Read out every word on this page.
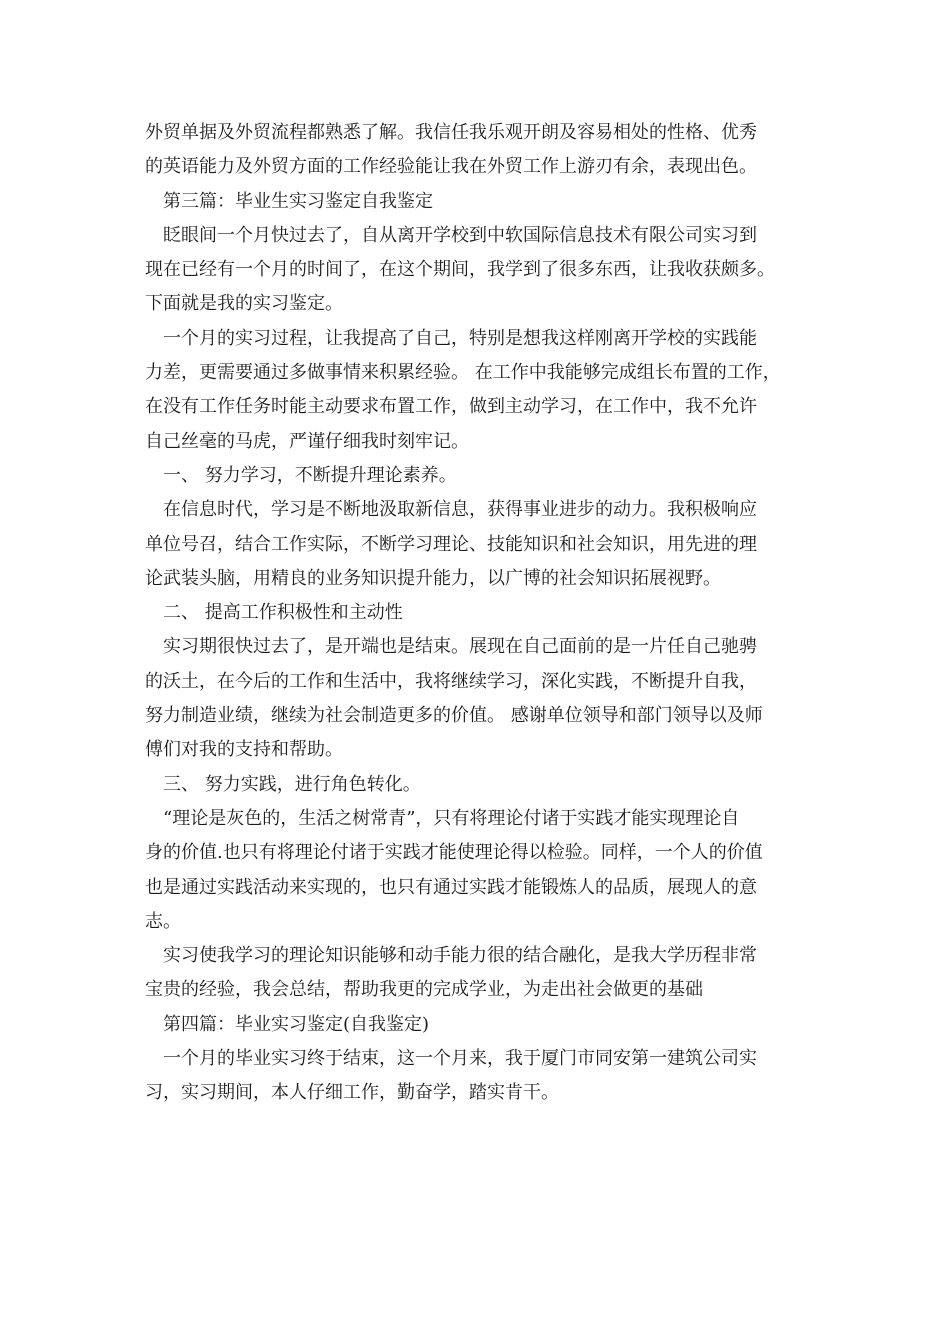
外贸单据及外贸流程都熟悉了解。我信任我乐观开朗及容易相处的性格、优秀
的英语能力及外贸方面的工作经验能让我在外贸工作上游刃有余，表现出色。
第三篇：毕业生实习鉴定自我鉴定
眨眼间一个月快过去了，自从离开学校到中软国际信息技术有限公司实习到
现在已经有一个月的时间了，在这个期间，我学到了很多东西，让我收获颇多。
下面就是我的实习鉴定。
一个月的实习过程，让我提高了自己，特别是想我这样刚离开学校的实践能
力差，更需要通过多做事情来积累经验。 在工作中我能够完成组长布置的工作，
在没有工作任务时能主动要求布置工作，做到主动学习，在工作中，我不允许
自己丝毫的马虎，严谨仔细我时刻牢记。
一、 努力学习，不断提升理论素养。
在信息时代，学习是不断地汲取新信息，获得事业进步的动力。我积极响应
单位号召，结合工作实际，不断学习理论、技能知识和社会知识，用先进的理
论武装头脑，用精良的业务知识提升能力，以广博的社会知识拓展视野。
二、 提高工作积极性和主动性
实习期很快过去了，是开端也是结束。展现在自己面前的是一片任自己驰骋
的沃土，在今后的工作和生活中，我将继续学习，深化实践，不断提升自我，
努力制造业绩，继续为社会制造更多的价值。 感谢单位领导和部门领导以及师
傅们对我的支持和帮助。
三、 努力实践，进行角色转化。
“理论是灰色的，生活之树常青”，只有将理论付诸于实践才能实现理论自
身的价值.也只有将理论付诸于实践才能使理论得以检验。同样，一个人的价值
也是通过实践活动来实现的，也只有通过实践才能锻炼人的品质，展现人的意
志。
实习使我学习的理论知识能够和动手能力很的结合融化，是我大学历程非常
宝贵的经验，我会总结，帮助我更的完成学业，为走出社会做更的基础
第四篇：毕业实习鉴定(自我鉴定)
一个月的毕业实习终于结束，这一个月来，我于厦门市同安第一建筑公司实
习，实习期间，本人仔细工作，勤奋学，踏实肯干。
